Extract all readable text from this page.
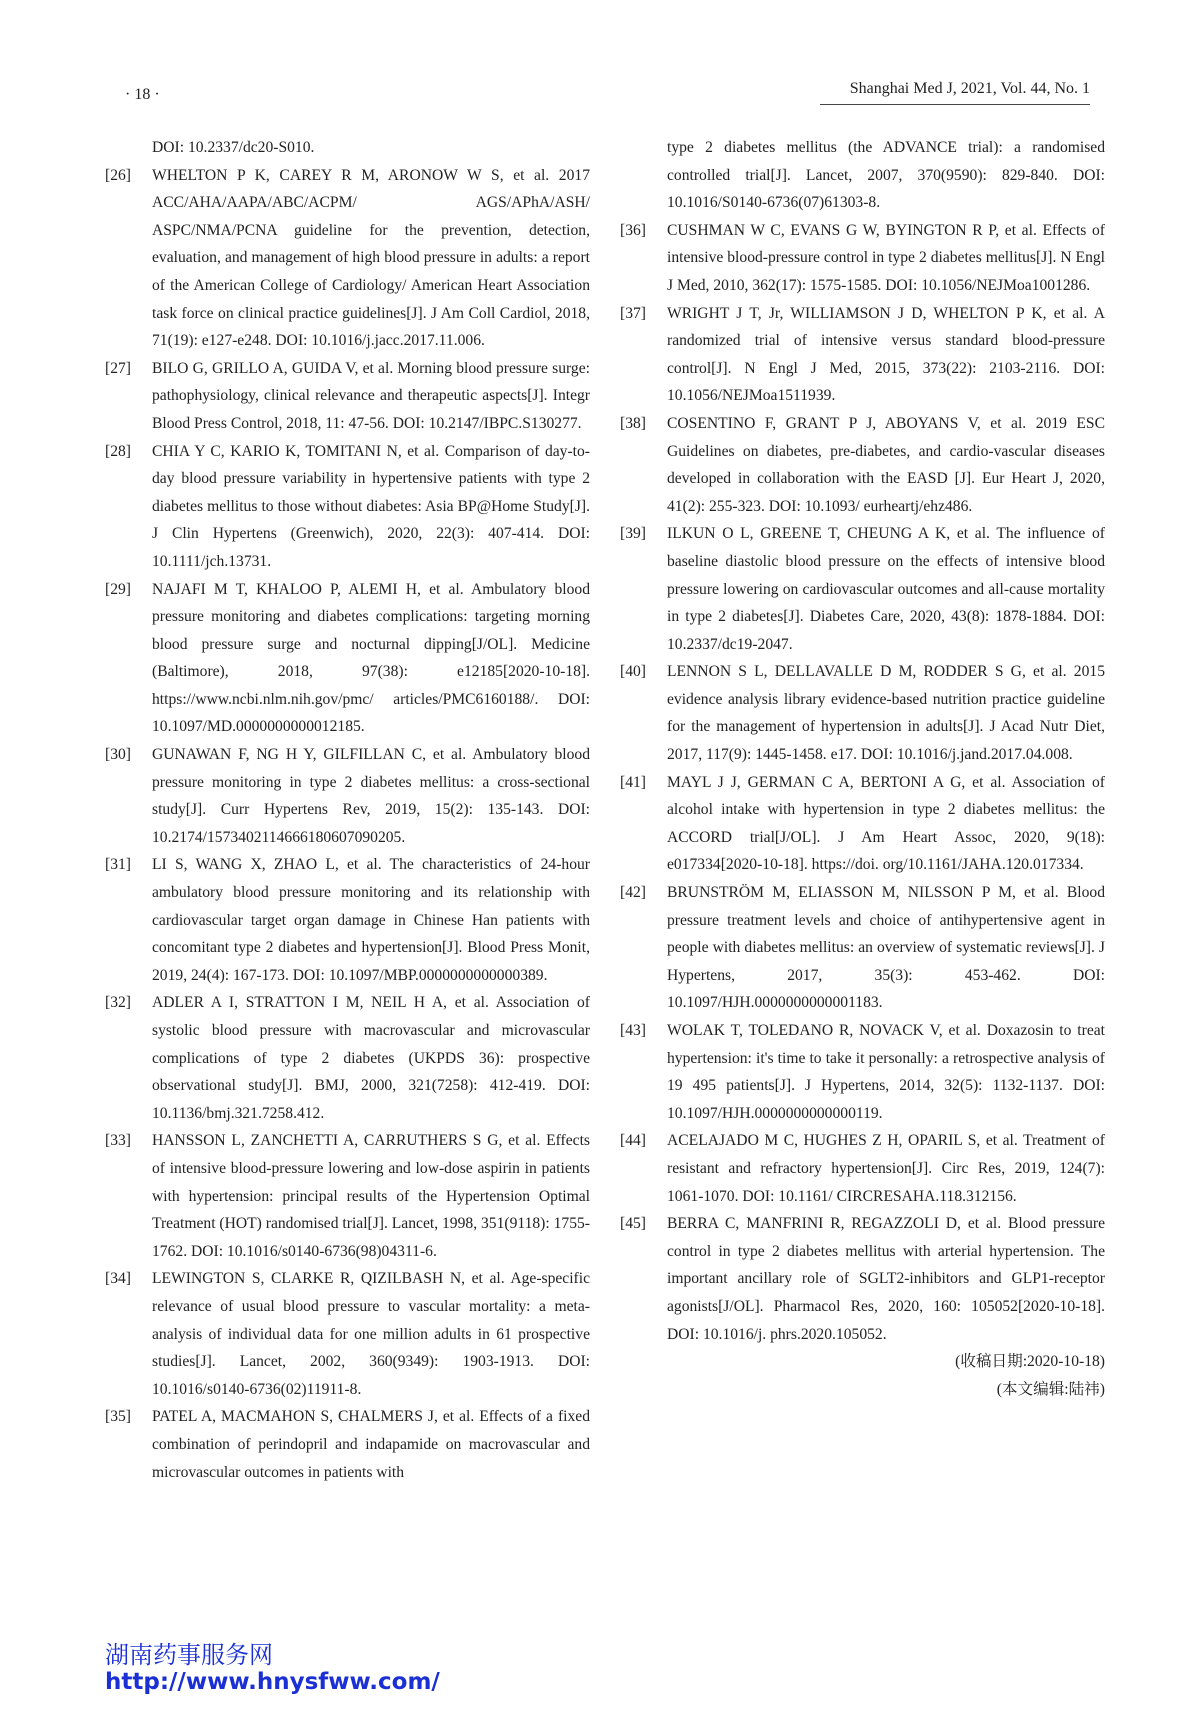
· 18 ·	Shanghai Med J, 2021, Vol. 44, No. 1
DOI: 10.2337/dc20-S010.
[26] WHELTON P K, CAREY R M, ARONOW W S, et al. 2017 ACC/AHA/AAPA/ABC/ACPM/ AGS/APhA/ASH/ ASPC/NMA/PCNA guideline for the prevention, detection, evaluation, and management of high blood pressure in adults: a report of the American College of Cardiology/ American Heart Association task force on clinical practice guidelines[J]. J Am Coll Cardiol, 2018, 71(19): e127-e248. DOI: 10.1016/j.jacc.2017.11.006.
[27] BILO G, GRILLO A, GUIDA V, et al. Morning blood pressure surge: pathophysiology, clinical relevance and therapeutic aspects[J]. Integr Blood Press Control, 2018, 11: 47-56. DOI: 10.2147/IBPC.S130277.
[28] CHIA Y C, KARIO K, TOMITANI N, et al. Comparison of day-to-day blood pressure variability in hypertensive patients with type 2 diabetes mellitus to those without diabetes: Asia BP@Home Study[J]. J Clin Hypertens (Greenwich), 2020, 22(3): 407-414. DOI: 10.1111/jch.13731.
[29] NAJAFI M T, KHALOO P, ALEMI H, et al. Ambulatory blood pressure monitoring and diabetes complications: targeting morning blood pressure surge and nocturnal dipping[J/OL]. Medicine (Baltimore), 2018, 97(38): e12185[2020-10-18]. https://www.ncbi.nlm.nih.gov/pmc/ articles/PMC6160188/. DOI: 10.1097/MD.0000000000012185.
[30] GUNAWAN F, NG H Y, GILFILLAN C, et al. Ambulatory blood pressure monitoring in type 2 diabetes mellitus: a cross-sectional study[J]. Curr Hypertens Rev, 2019, 15(2): 135-143. DOI: 10.2174/1573402114666180607090205.
[31] LI S, WANG X, ZHAO L, et al. The characteristics of 24-hour ambulatory blood pressure monitoring and its relationship with cardiovascular target organ damage in Chinese Han patients with concomitant type 2 diabetes and hypertension[J]. Blood Press Monit, 2019, 24(4): 167-173. DOI: 10.1097/MBP.0000000000000389.
[32] ADLER A I, STRATTON I M, NEIL H A, et al. Association of systolic blood pressure with macrovascular and microvascular complications of type 2 diabetes (UKPDS 36): prospective observational study[J]. BMJ, 2000, 321(7258): 412-419. DOI: 10.1136/bmj.321.7258.412.
[33] HANSSON L, ZANCHETTI A, CARRUTHERS S G, et al. Effects of intensive blood-pressure lowering and low-dose aspirin in patients with hypertension: principal results of the Hypertension Optimal Treatment (HOT) randomised trial[J]. Lancet, 1998, 351(9118): 1755-1762. DOI: 10.1016/s0140-6736(98)04311-6.
[34] LEWINGTON S, CLARKE R, QIZILBASH N, et al. Age-specific relevance of usual blood pressure to vascular mortality: a meta-analysis of individual data for one million adults in 61 prospective studies[J]. Lancet, 2002, 360(9349): 1903-1913. DOI: 10.1016/s0140-6736(02)11911-8.
[35] PATEL A, MACMAHON S, CHALMERS J, et al. Effects of a fixed combination of perindopril and indapamide on macrovascular and microvascular outcomes in patients with
type 2 diabetes mellitus (the ADVANCE trial): a randomised controlled trial[J]. Lancet, 2007, 370(9590): 829-840. DOI: 10.1016/S0140-6736(07)61303-8.
[36] CUSHMAN W C, EVANS G W, BYINGTON R P, et al. Effects of intensive blood-pressure control in type 2 diabetes mellitus[J]. N Engl J Med, 2010, 362(17): 1575-1585. DOI: 10.1056/NEJMoa1001286.
[37] WRIGHT J T, Jr, WILLIAMSON J D, WHELTON P K, et al. A randomized trial of intensive versus standard blood-pressure control[J]. N Engl J Med, 2015, 373(22): 2103-2116. DOI: 10.1056/NEJMoa1511939.
[38] COSENTINO F, GRANT P J, ABOYANS V, et al. 2019 ESC Guidelines on diabetes, pre-diabetes, and cardio-vascular diseases developed in collaboration with the EASD [J]. Eur Heart J, 2020, 41(2): 255-323. DOI: 10.1093/ eurheartj/ehz486.
[39] ILKUN O L, GREENE T, CHEUNG A K, et al. The influence of baseline diastolic blood pressure on the effects of intensive blood pressure lowering on cardiovascular outcomes and all-cause mortality in type 2 diabetes[J]. Diabetes Care, 2020, 43(8): 1878-1884. DOI: 10.2337/dc19-2047.
[40] LENNON S L, DELLAVALLE D M, RODDER S G, et al. 2015 evidence analysis library evidence-based nutrition practice guideline for the management of hypertension in adults[J]. J Acad Nutr Diet, 2017, 117(9): 1445-1458. e17. DOI: 10.1016/j.jand.2017.04.008.
[41] MAYL J J, GERMAN C A, BERTONI A G, et al. Association of alcohol intake with hypertension in type 2 diabetes mellitus: the ACCORD trial[J/OL]. J Am Heart Assoc, 2020, 9(18): e017334[2020-10-18]. https://doi. org/10.1161/JAHA.120.017334.
[42] BRUNSTRÖM M, ELIASSON M, NILSSON P M, et al. Blood pressure treatment levels and choice of antihypertensive agent in people with diabetes mellitus: an overview of systematic reviews[J]. J Hypertens, 2017, 35(3): 453-462. DOI: 10.1097/HJH.0000000000001183.
[43] WOLAK T, TOLEDANO R, NOVACK V, et al. Doxazosin to treat hypertension: it's time to take it personally: a retrospective analysis of 19 495 patients[J]. J Hypertens, 2014, 32(5): 1132-1137. DOI: 10.1097/HJH.0000000000000119.
[44] ACELAJADO M C, HUGHES Z H, OPARIL S, et al. Treatment of resistant and refractory hypertension[J]. Circ Res, 2019, 124(7): 1061-1070. DOI: 10.1161/ CIRCRESAHA.118.312156.
[45] BERRA C, MANFRINI R, REGAZZOLI D, et al. Blood pressure control in type 2 diabetes mellitus with arterial hypertension. The important ancillary role of SGLT2-inhibitors and GLP1-receptor agonists[J/OL]. Pharmacol Res, 2020, 160: 105052[2020-10-18]. DOI: 10.1016/j. phrs.2020.105052.
(收稿日期:2020-10-18)
(本文编辑:陆祎)
湖南药事服务网
http://www.hnysfww.com/
